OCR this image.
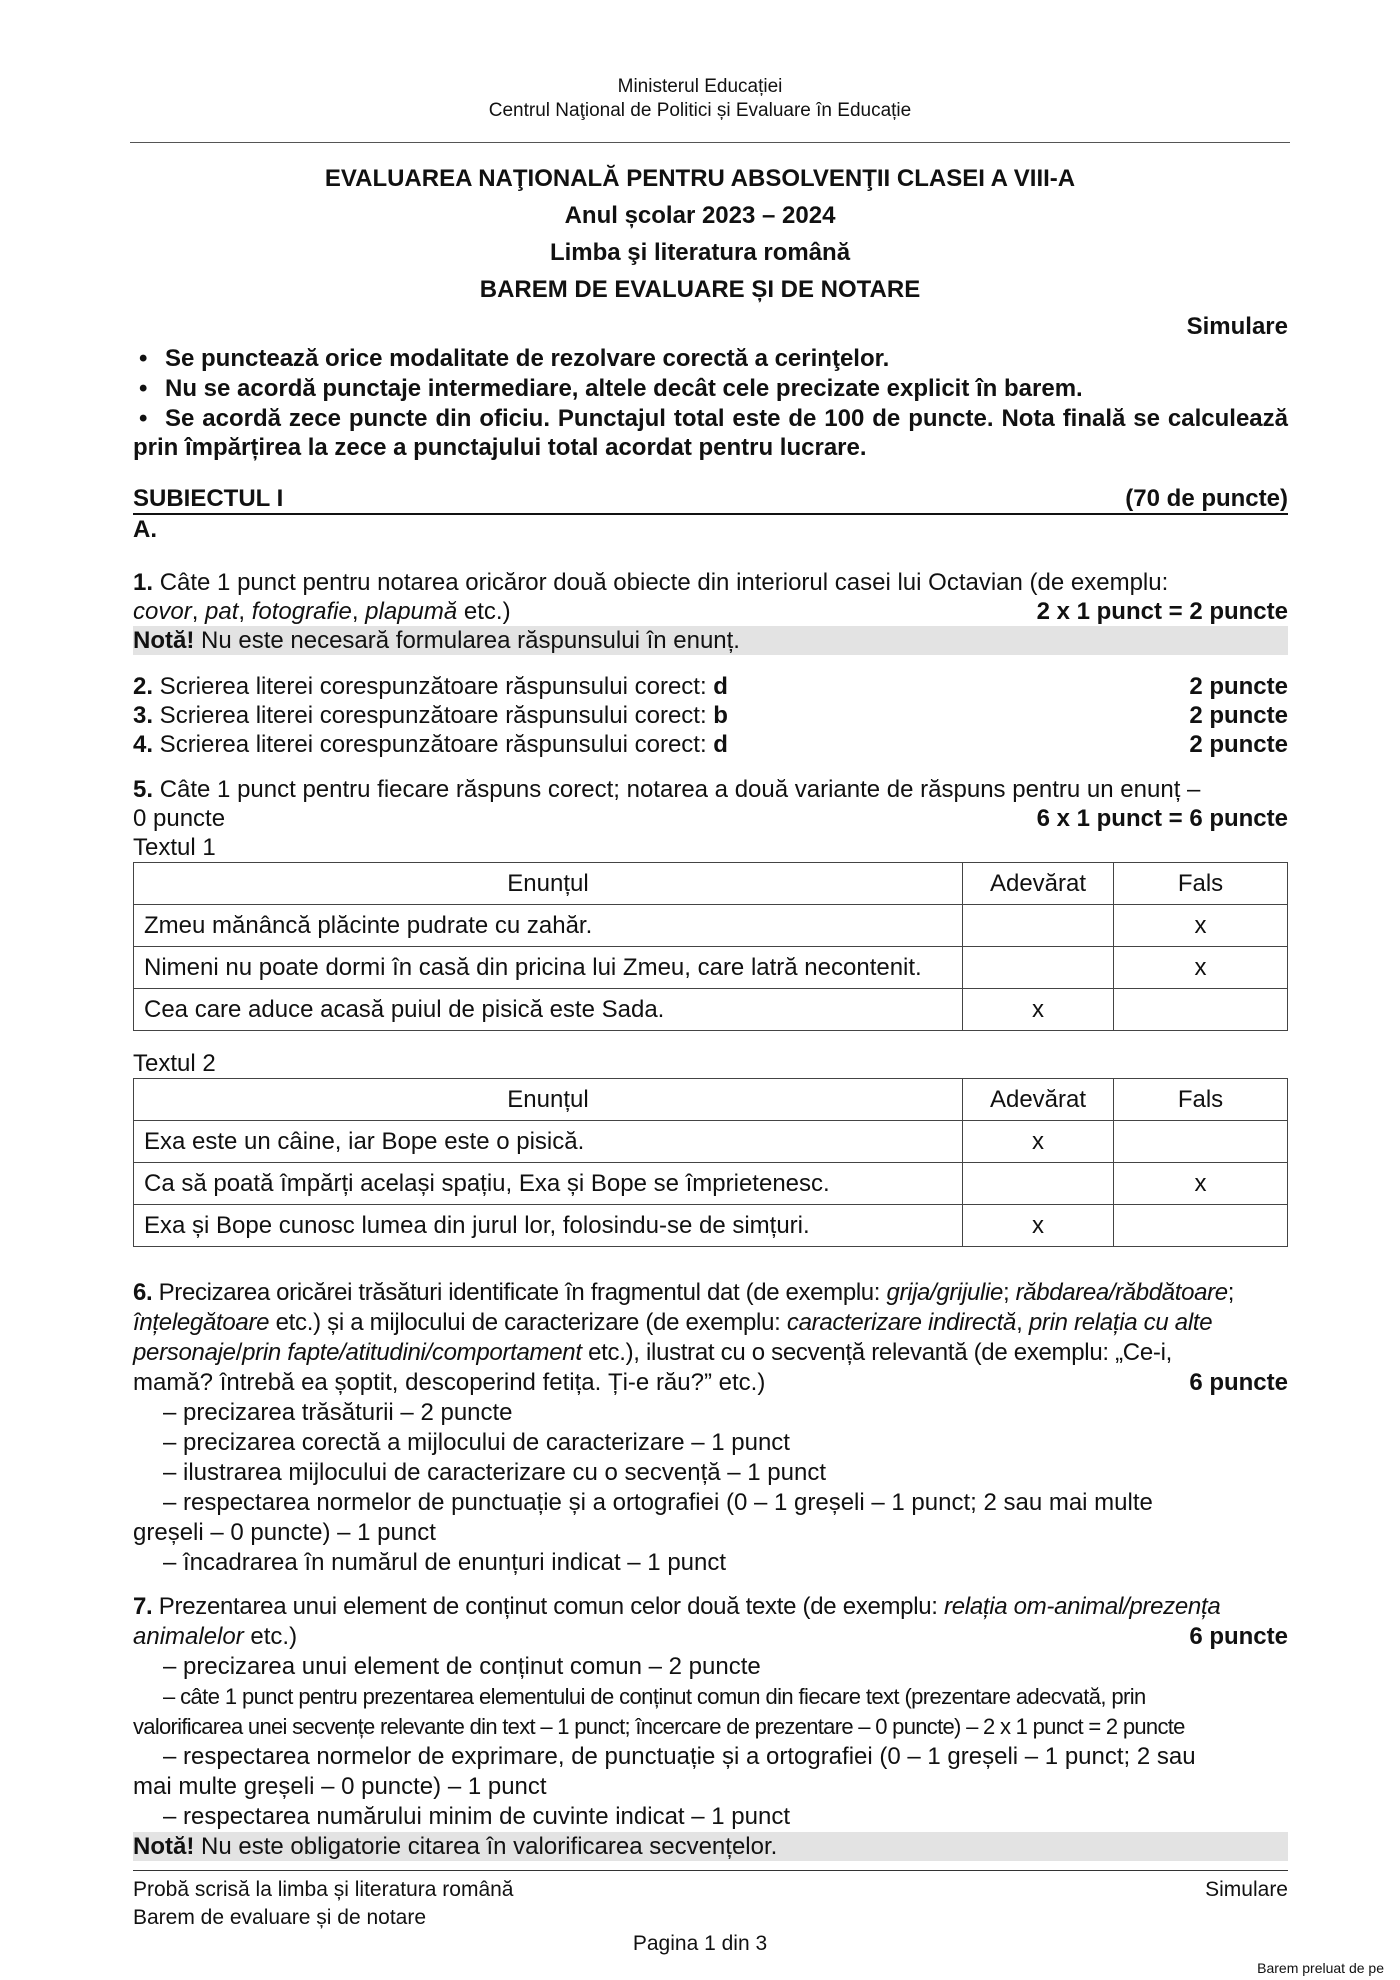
Ministerul Educației
Centrul Naţional de Politici și Evaluare în Educație
EVALUAREA NAŢIONALĂ PENTRU ABSOLVENŢII CLASEI A VIII-A
Anul școlar 2023 – 2024
Limba şi literatura română
BAREM DE EVALUARE ȘI DE NOTARE
Simulare
• Se punctează orice modalitate de rezolvare corectă a cerinţelor.
• Nu se acordă punctaje intermediare, altele decât cele precizate explicit în barem.
• Se acordă zece puncte din oficiu. Punctajul total este de 100 de puncte. Nota finală se calculează prin împărțirea la zece a punctajului total acordat pentru lucrare.
SUBIECTUL I	(70 de puncte)
A.
1. Câte 1 punct pentru notarea oricăror două obiecte din interiorul casei lui Octavian (de exemplu:
covor, pat, fotografie, plapumă etc.)	2 x 1 punct = 2 puncte
Notă! Nu este necesară formularea răspunsului în enunț.
2. Scrierea literei corespunzătoare răspunsului corect: d	2 puncte
3. Scrierea literei corespunzătoare răspunsului corect: b	2 puncte
4. Scrierea literei corespunzătoare răspunsului corect: d	2 puncte
5. Câte 1 punct pentru fiecare răspuns corect; notarea a două variante de răspuns pentru un enunț –
0 puncte	6 x 1 punct = 6 puncte
Textul 1
Enunțul	Adevărat	Fals
Zmeu mănâncă plăcinte pudrate cu zahăr.		x
Nimeni nu poate dormi în casă din pricina lui Zmeu, care latră necontenit.		x
Cea care aduce acasă puiul de pisică este Sada.	x	
Textul 2
Enunțul	Adevărat	Fals
Exa este un câine, iar Bope este o pisică.	x	
Ca să poată împărți același spațiu, Exa și Bope se împrietenesc.		x
Exa și Bope cunosc lumea din jurul lor, folosindu-se de simțuri.	x	
6. Precizarea oricărei trăsături identificate în fragmentul dat (de exemplu: grija/grijulie; răbdarea/răbdătoare;
înțelegătoare etc.) și a mijlocului de caracterizare (de exemplu: caracterizare indirectă, prin relația cu alte
personaje/prin fapte/atitudini/comportament etc.), ilustrat cu o secvență relevantă (de exemplu: „Ce-i,
mamă? întrebă ea șoptit, descoperind fetița. Ți-e rău?” etc.)	6 puncte
– precizarea trăsăturii – 2 puncte
– precizarea corectă a mijlocului de caracterizare – 1 punct
– ilustrarea mijlocului de caracterizare cu o secvență – 1 punct
– respectarea normelor de punctuație și a ortografiei (0 – 1 greșeli – 1 punct; 2 sau mai multe
greșeli – 0 puncte) – 1 punct
– încadrarea în numărul de enunțuri indicat – 1 punct
7. Prezentarea unui element de conținut comun celor două texte (de exemplu: relația om-animal/prezența
animalelor etc.)	6 puncte
– precizarea unui element de conținut comun – 2 puncte
– câte 1 punct pentru prezentarea elementului de conținut comun din fiecare text (prezentare adecvată, prin
valorificarea unei secvențe relevante din text – 1 punct; încercare de prezentare – 0 puncte) – 2 x 1 punct = 2 puncte
– respectarea normelor de exprimare, de punctuație și a ortografiei (0 – 1 greșeli – 1 punct; 2 sau
mai multe greșeli – 0 puncte) – 1 punct
– respectarea numărului minim de cuvinte indicat – 1 punct
Notă! Nu este obligatorie citarea în valorificarea secvențelor.
Probă scrisă la limba și literatura română
Barem de evaluare și de notare
Simulare
Pagina 1 din 3
Barem preluat de pe
